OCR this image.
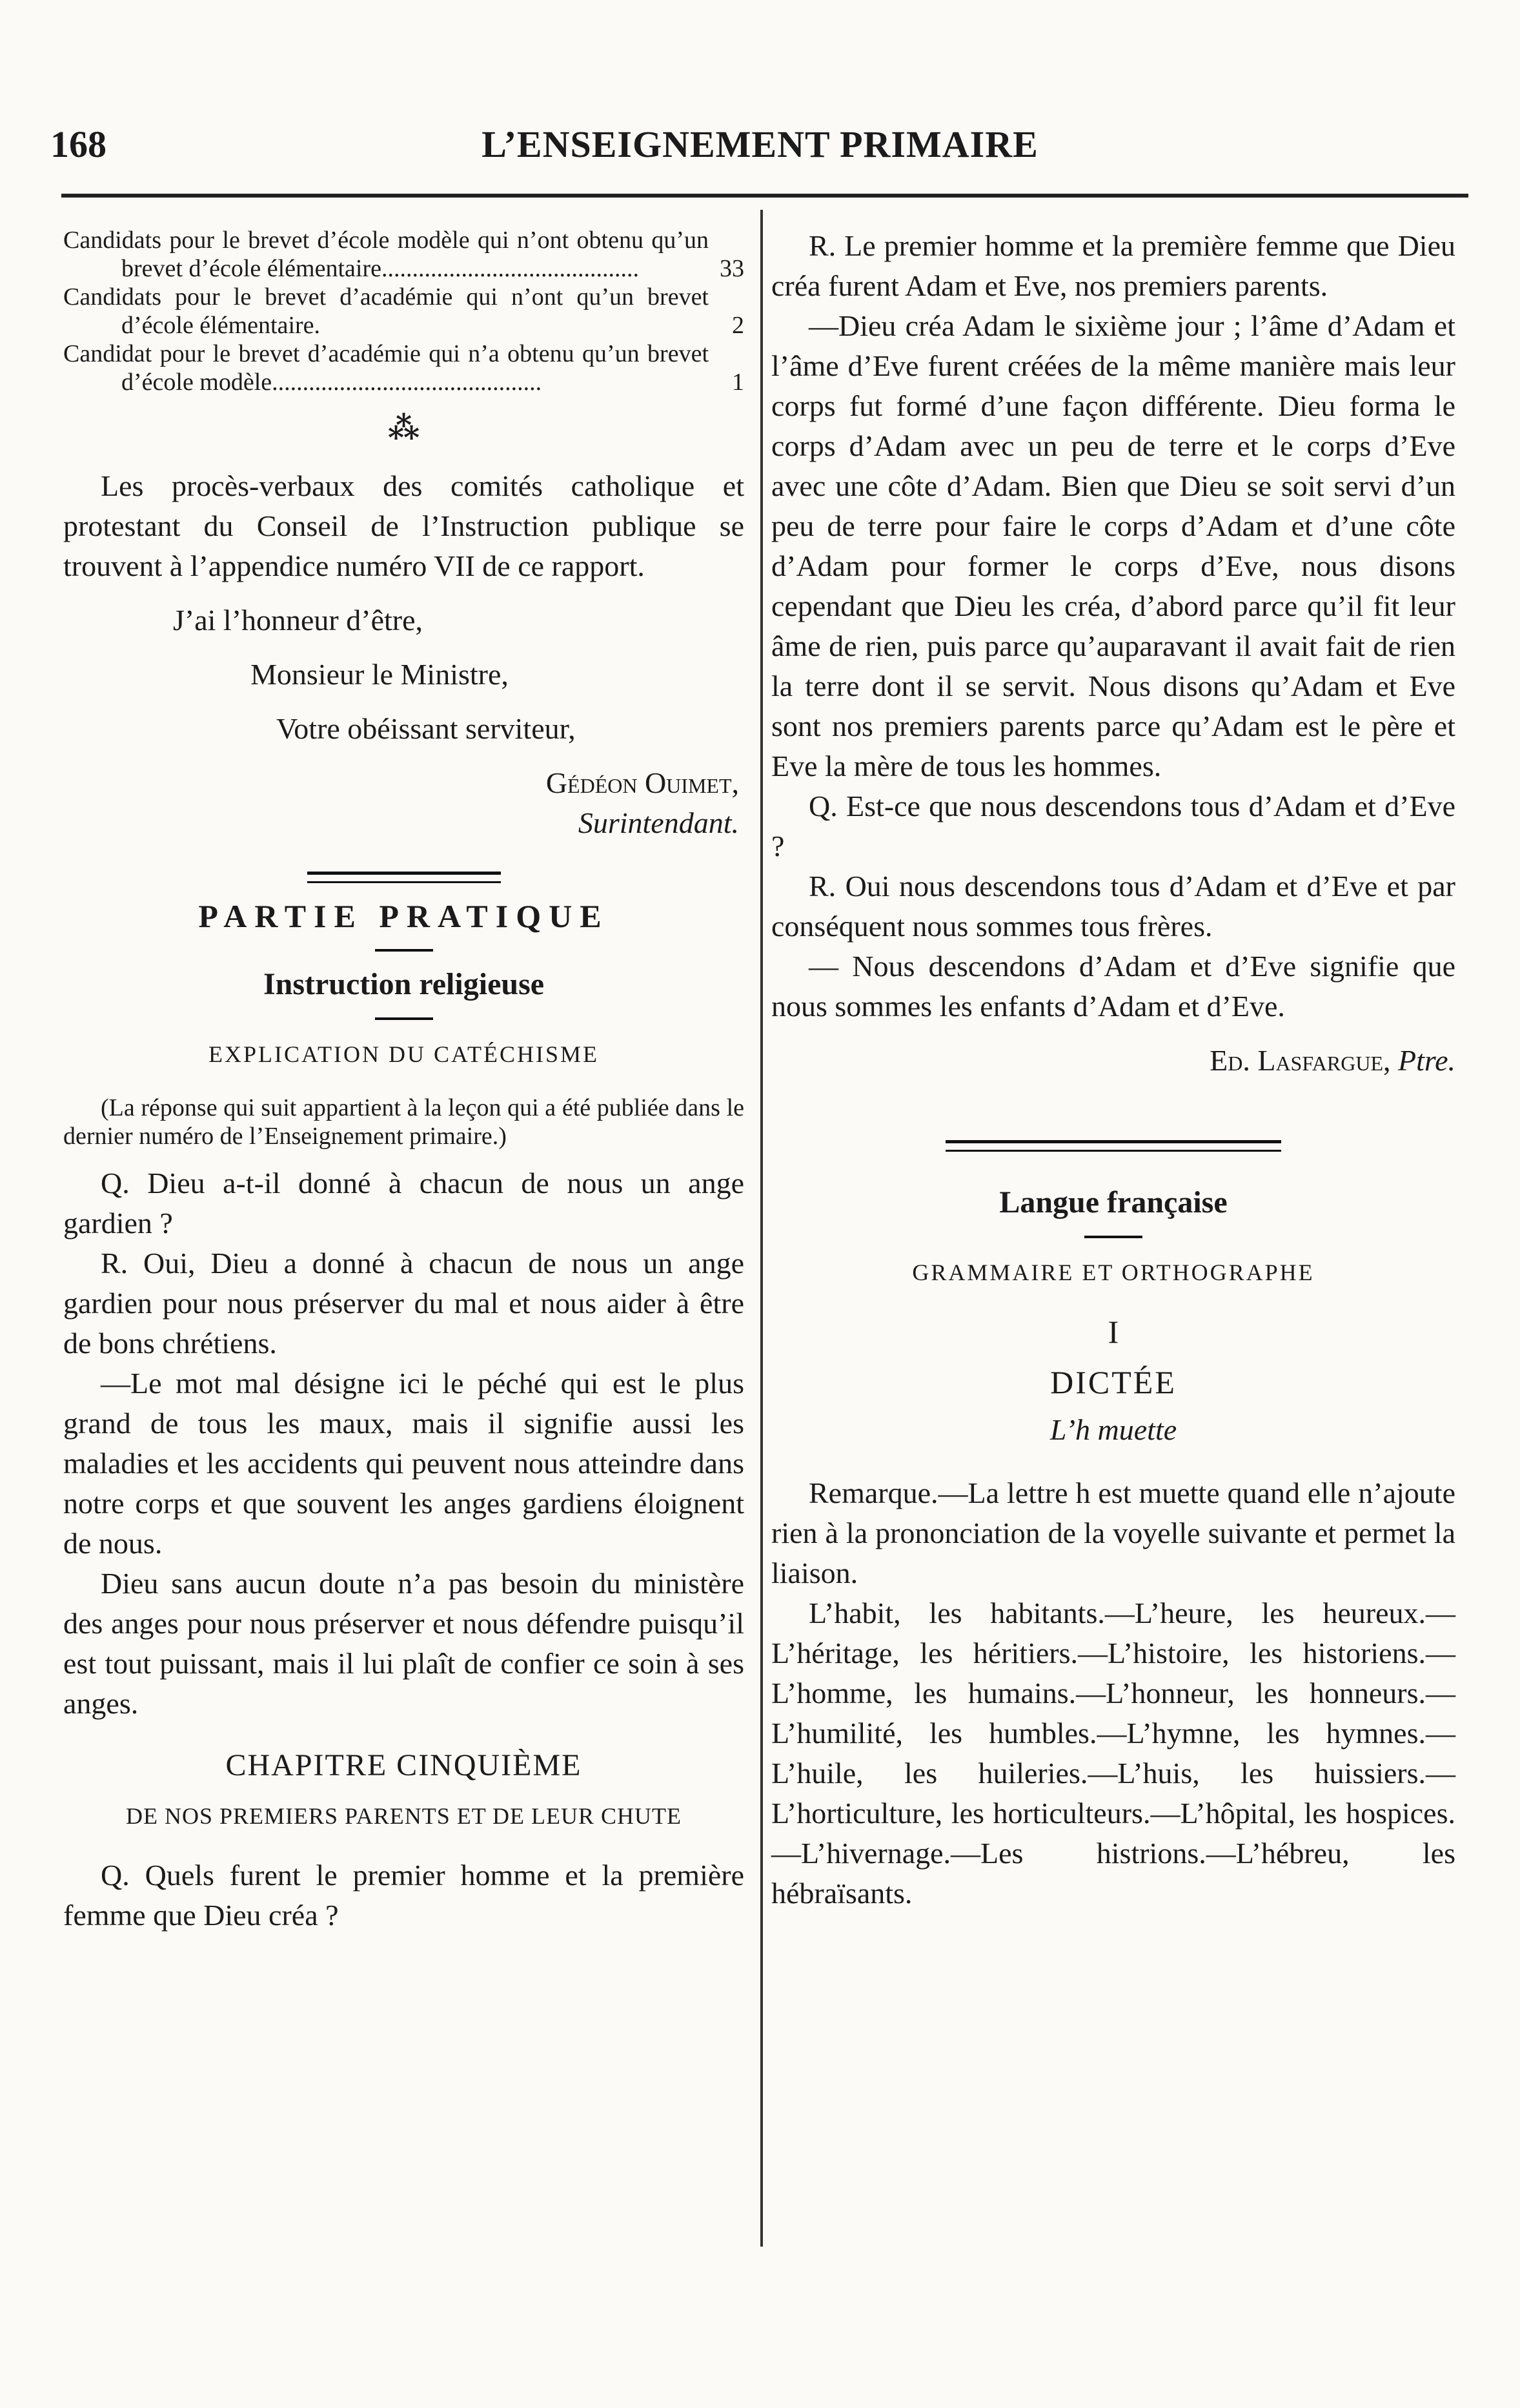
168	L’ENSEIGNEMENT PRIMAIRE

Candidats pour le brevet d’école modèle qui n’ont obtenu qu’un brevet d’école élémentaire..........................................	33

Candidats pour le brevet d’académie qui n’ont qu’un brevet d’école élémentaire.	2

Candidat pour le brevet d’académie qui n’a obtenu qu’un brevet d’école modèle............................................	1
⁂

Les procès-verbaux des comités catholique et protestant du Conseil de l’Instruction publique se trouvent à l’appendice numéro VII de ce rapport.

J’ai l’honneur d’être,

Monsieur le Ministre,

Votre obéissant serviteur,

Gédéon Ouimet,

Surintendant.

PARTIE PRATIQUE
Instruction religieuse
EXPLICATION DU CATÉCHISME

(La réponse qui suit appartient à la leçon qui a été publiée dans le dernier numéro de l’Enseignement primaire.)

Q. Dieu a-t-il donné à chacun de nous un ange gardien ?

R. Oui, Dieu a donné à chacun de nous un ange gardien pour nous préserver du mal et nous aider à être de bons chrétiens.

—Le mot mal désigne ici le péché qui est le plus grand de tous les maux, mais il signifie aussi les maladies et les accidents qui peuvent nous atteindre dans notre corps et que souvent les anges gardiens éloignent de nous.

Dieu sans aucun doute n’a pas besoin du ministère des anges pour nous préserver et nous défendre puisqu’il est tout puissant, mais il lui plaît de confier ce soin à ses anges.

CHAPITRE CINQUIÈME
DE NOS PREMIERS PARENTS ET DE LEUR CHUTE

Q. Quels furent le premier homme et la première femme que Dieu créa ?

R. Le premier homme et la première femme que Dieu créa furent Adam et Eve, nos premiers parents.

—Dieu créa Adam le sixième jour ; l’âme d’Adam et l’âme d’Eve furent créées de la même manière mais leur corps fut formé d’une façon différente. Dieu forma le corps d’Adam avec un peu de terre et le corps d’Eve avec une côte d’Adam. Bien que Dieu se soit servi d’un peu de terre pour faire le corps d’Adam et d’une côte d’Adam pour former le corps d’Eve, nous disons cependant que Dieu les créa, d’abord parce qu’il fit leur âme de rien, puis parce qu’auparavant il avait fait de rien la terre dont il se servit. Nous disons qu’Adam et Eve sont nos premiers parents parce qu’Adam est le père et Eve la mère de tous les hommes.

Q. Est-ce que nous descendons tous d’Adam et d’Eve ?

R. Oui nous descendons tous d’Adam et d’Eve et par conséquent nous sommes tous frères.

— Nous descendons d’Adam et d’Eve signifie que nous sommes les enfants d’Adam et d’Eve.

Ed. Lasfargue, Ptre.

Langue française
GRAMMAIRE ET ORTHOGRAPHE
I
DICTÉE
L’h muette

Remarque.—La lettre h est muette quand elle n’ajoute rien à la prononciation de la voyelle suivante et permet la liaison.

L’habit, les habitants.—L’heure, les heureux.—L’héritage, les héritiers.—L’histoire, les historiens.—L’homme, les humains.—L’honneur, les honneurs.—L’humilité, les humbles.—L’hymne, les hymnes.—L’huile, les huileries.—L’huis, les huissiers.—L’horticulture, les horticulteurs.—L’hôpital, les hospices.—L’hivernage.—Les histrions.—L’hébreu, les hébraïsants.
